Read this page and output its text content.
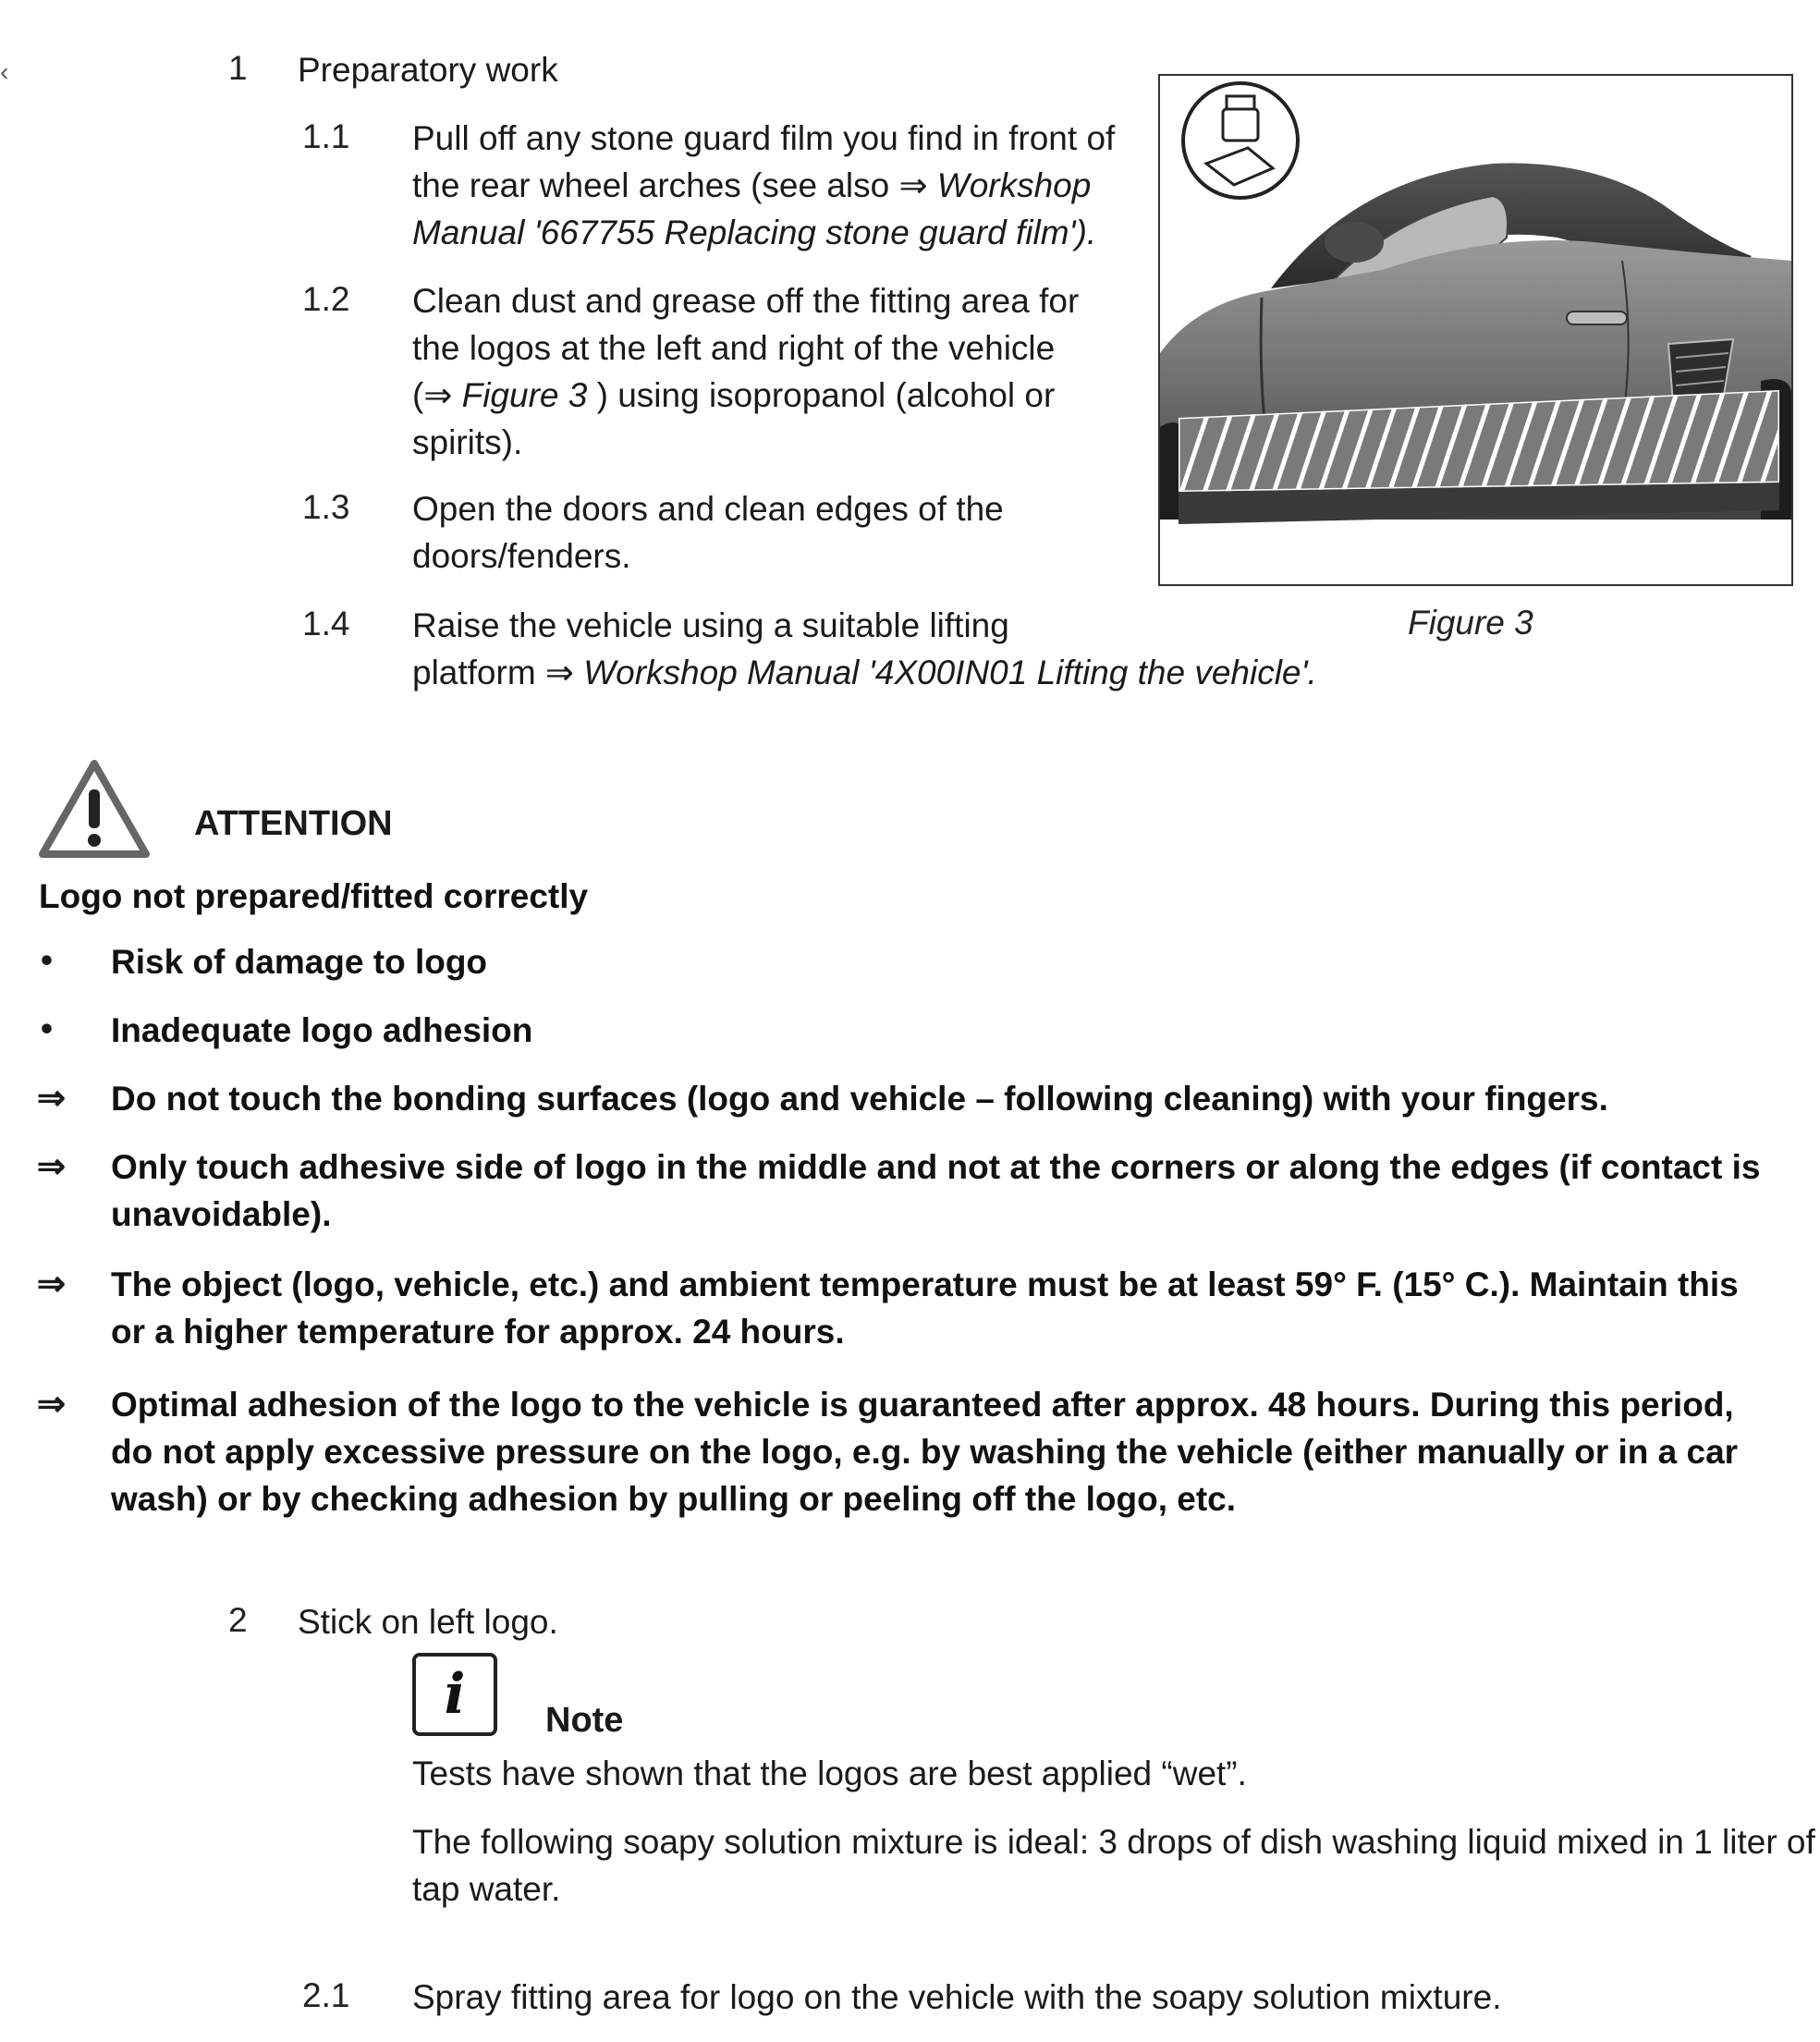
‹	1 Preparatory work
1.1 Pull off any stone guard film you find in front of
the rear wheel arches (see also ⇒ Workshop
Manual '667755 Replacing stone guard film').
1.2 Clean dust and grease off the fitting area for
the logos at the left and right of the vehicle
(⇒ Figure 3 ) using isopropanol (alcohol or
spirits).
1.3 Open the doors and clean edges of the
doors/fenders.
1.4 Raise the vehicle using a suitable lifting
platform ⇒ Workshop Manual '4X00IN01 Lifting the vehicle'.
Figure 3
ATTENTION
Logo not prepared/fitted correctly
• Risk of damage to logo
• Inadequate logo adhesion
⇒ Do not touch the bonding surfaces (logo and vehicle – following cleaning) with your fingers.
⇒ Only touch adhesive side of logo in the middle and not at the corners or along the edges (if contact is
unavoidable).
⇒ The object (logo, vehicle, etc.) and ambient temperature must be at least 59° F. (15° C.). Maintain this
or a higher temperature for approx. 24 hours.
⇒ Optimal adhesion of the logo to the vehicle is guaranteed after approx. 48 hours. During this period,
do not apply excessive pressure on the logo, e.g. by washing the vehicle (either manually or in a car
wash) or by checking adhesion by pulling or peeling off the logo, etc.
2 Stick on left logo.
i Note
Tests have shown that the logos are best applied “wet”.
The following soapy solution mixture is ideal: 3 drops of dish washing liquid mixed in 1 liter of
tap water.
2.1 Spray fitting area for logo on the vehicle with the soapy solution mixture.
